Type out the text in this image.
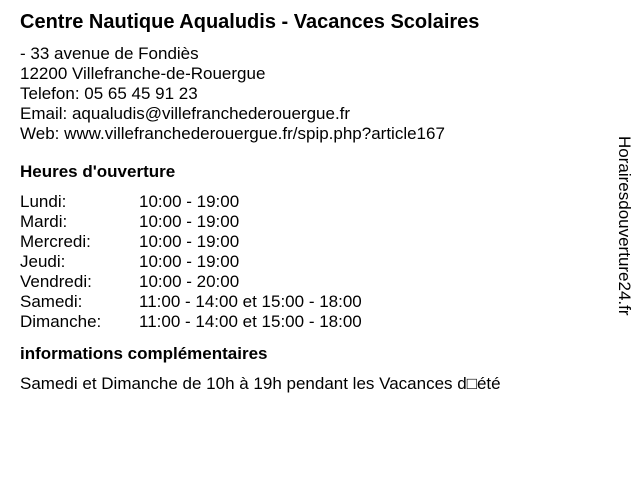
Centre Nautique Aqualudis - Vacances Scolaires
- 33 avenue de Fondiès
12200 Villefranche-de-Rouergue
Telefon: 05 65 45 91 23
Email: aqualudis@villefranchederouergue.fr
Web: www.villefranchederouergue.fr/spip.php?article167
Heures d'ouverture
Lundi:	10:00 - 19:00
Mardi:	10:00 - 19:00
Mercredi:	10:00 - 19:00
Jeudi:	10:00 - 19:00
Vendredi:	10:00 - 20:00
Samedi:	11:00 - 14:00 et 15:00 - 18:00
Dimanche:	11:00 - 14:00 et 15:00 - 18:00
informations complémentaires
Samedi et Dimanche de 10h à 19h pendant les Vacances d□été
Horairesdouverture24.fr
